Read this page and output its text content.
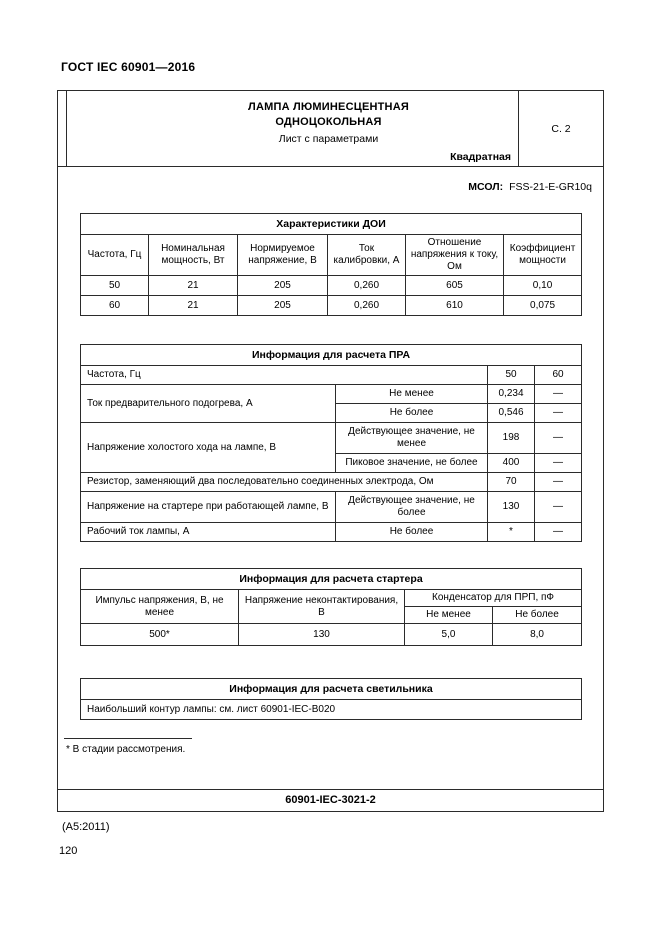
ГОСТ IEC 60901—2016
ЛАМПА ЛЮМИНЕСЦЕНТНАЯ
ОДНОЦОКОЛЬНАЯ
Лист с параметрами
Квадратная
С. 2
МСОЛ: FSS-21-E-GR10q
Характеристики ДОИ					
Частота, Гц	Номинальная мощность, Вт	Нормируемое напряжение, В	Ток калибровки, А	Отношение напряжения к току, Ом	Коэффициент мощности
50	21	205	0,260	605	0,10
60	21	205	0,260	610	0,075
Информация для расчета ПРА			
Частота, Гц		50	60
Ток предварительного подогрева, А	Не менее	0,234	—
	Не более	0,546	—
Напряжение холостого хода на лампе, В	Действующее значение, не менее	198	—
	Пиковое значение, не более	400	—
Резистор, заменяющий два последовательно соединенных электрода, Ом		70	—
Напряжение на стартере при работающей лампе, В	Действующее значение, не более	130	—
Рабочий ток лампы, А	Не более	*	—
Информация для расчета стартера			
Импульс напряжения, В, не менее	Напряжение неконтактирования, В	Конденсатор для ПРП, пФ	
		Не менее	Не более
500*	130	5,0	8,0
Информация для расчета светильника
Наибольший контур лампы: см. лист 60901-IEC-B020
* В стадии рассмотрения.
60901-IEC-3021-2
(А5:2011)
120
